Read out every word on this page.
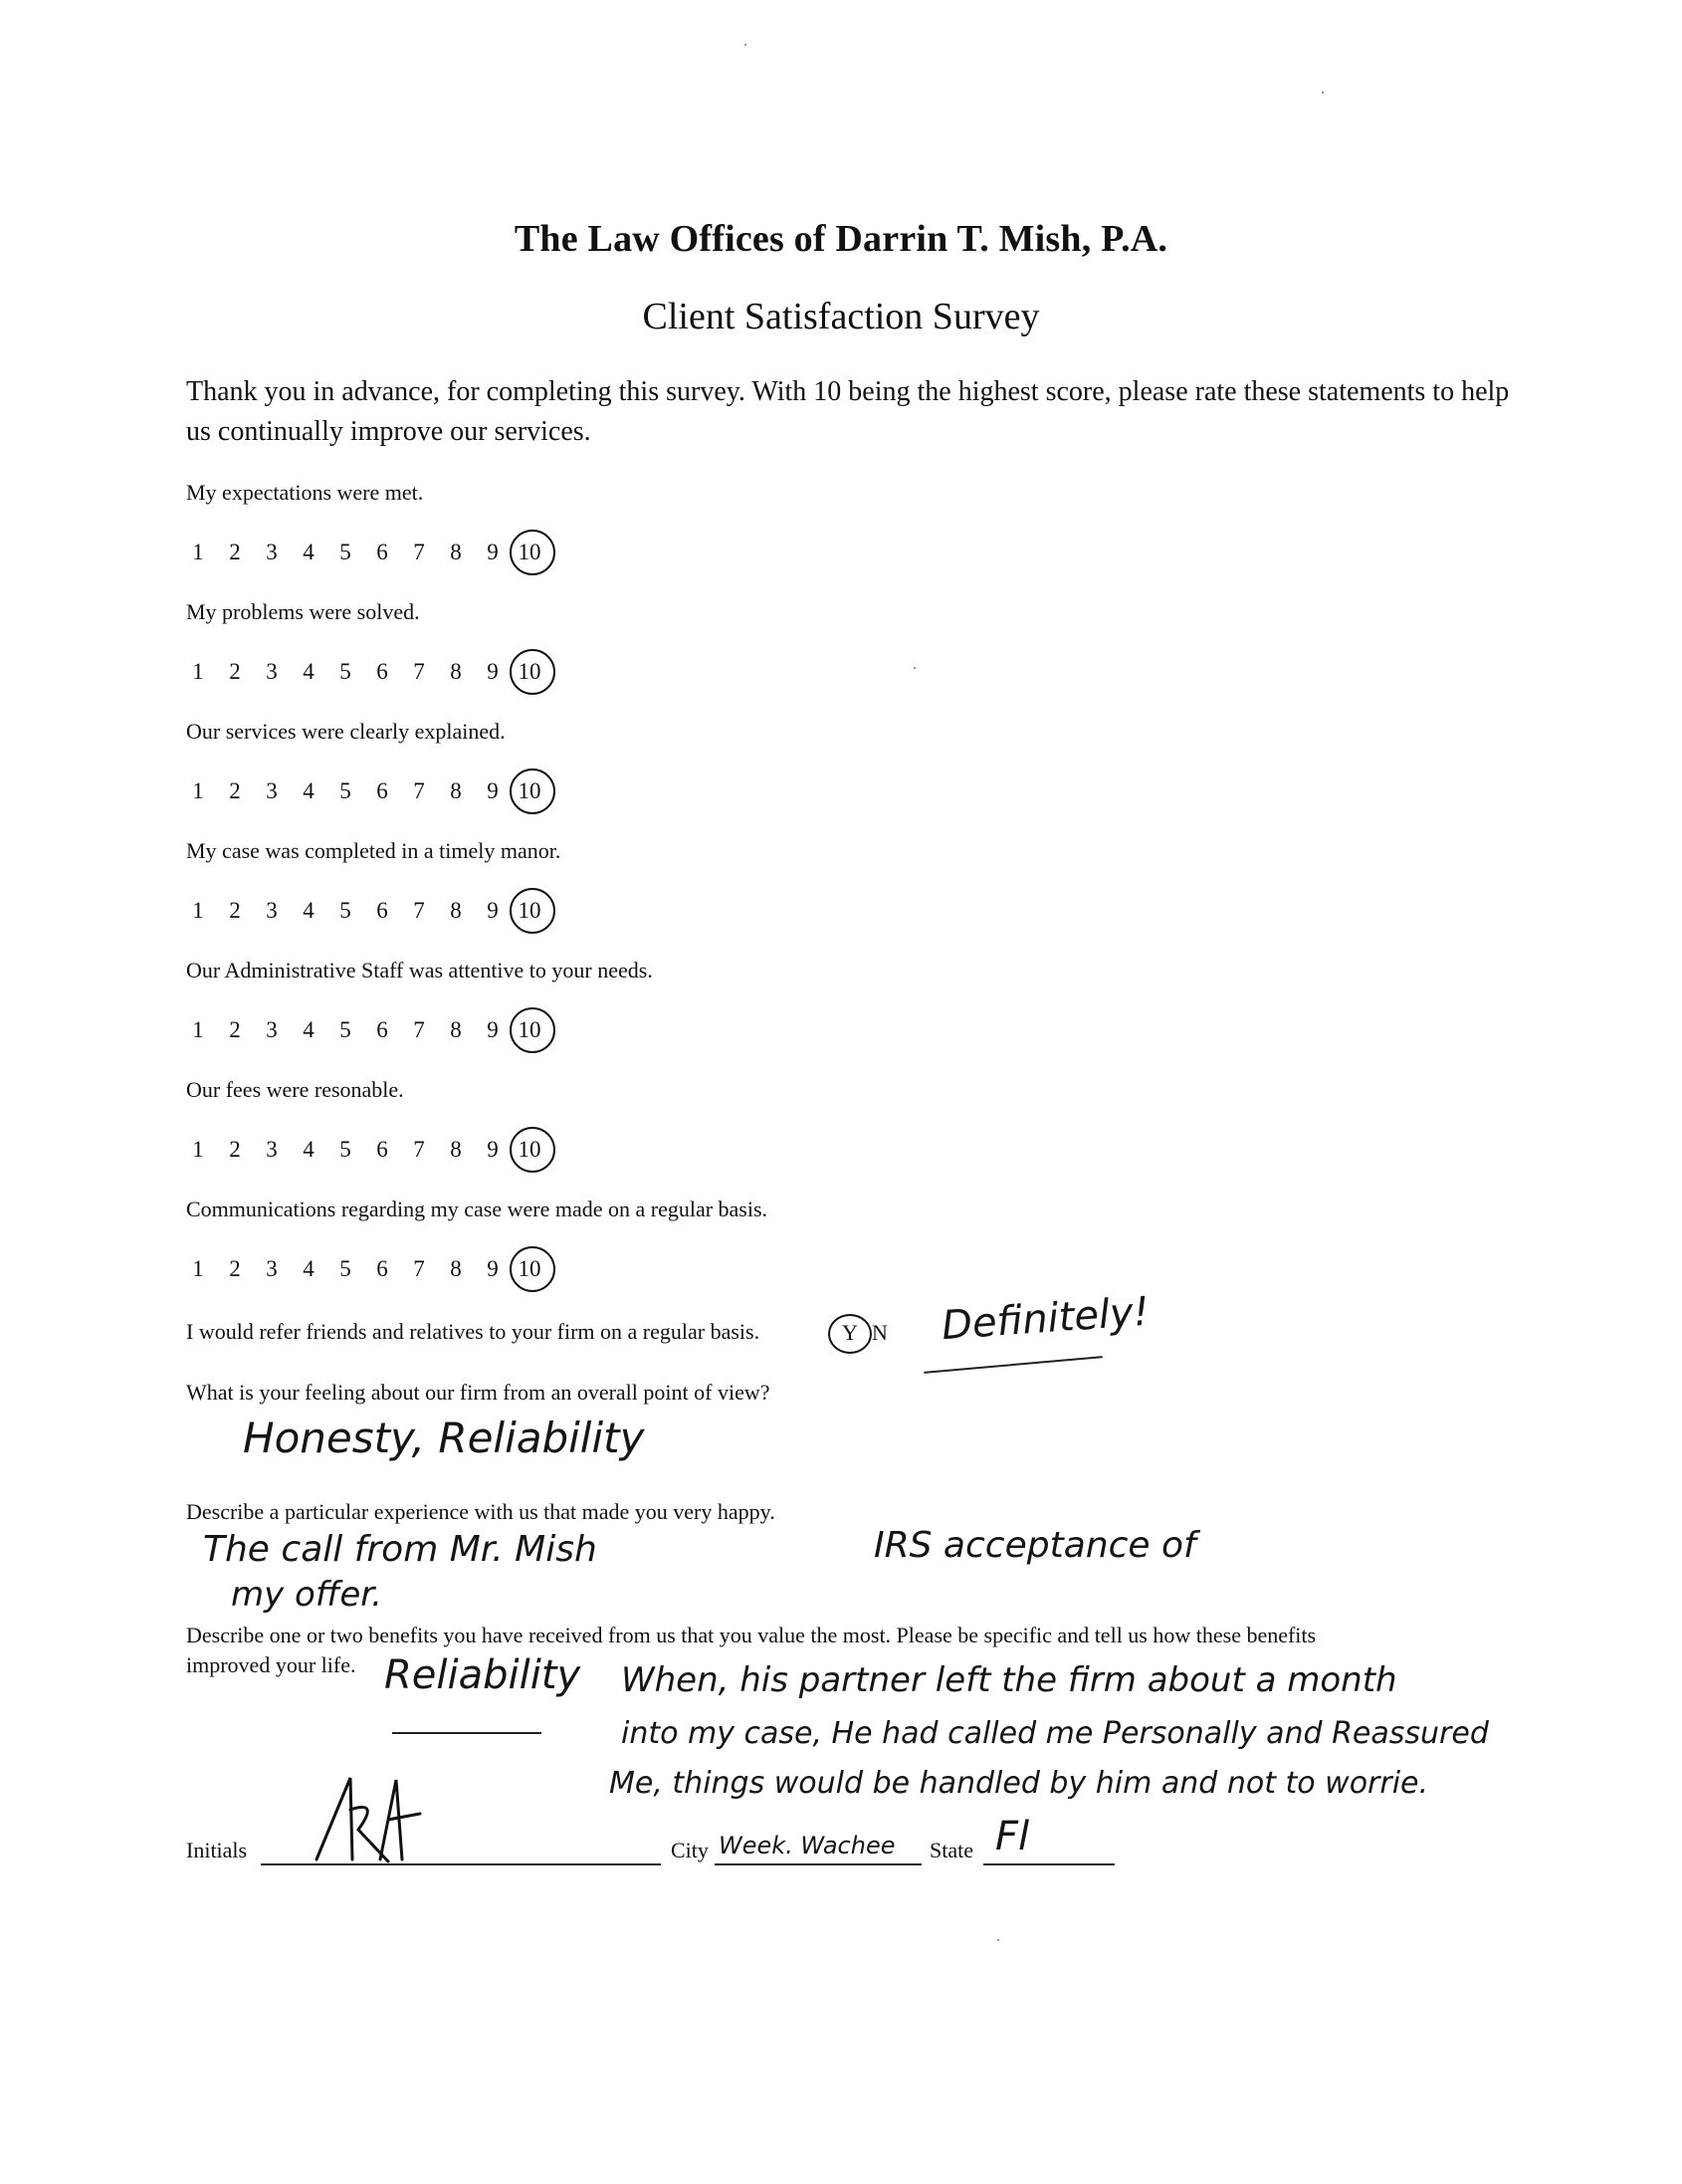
The Law Offices of Darrin T. Mish, P.A.
Client Satisfaction Survey
Thank you in advance, for completing this survey. With 10 being the highest score, please rate these statements to help us continually improve our services.
My expectations were met.
1 2 3 4 5 6 7 8 9 10
My problems were solved.
1 2 3 4 5 6 7 8 9 10
Our services were clearly explained.
1 2 3 4 5 6 7 8 9 10
My case was completed in a timely manor.
1 2 3 4 5 6 7 8 9 10
Our Administrative Staff was attentive to your needs.
1 2 3 4 5 6 7 8 9 10
Our fees were resonable.
1 2 3 4 5 6 7 8 9 10
Communications regarding my case were made on a regular basis.
1 2 3 4 5 6 7 8 9 10
I would refer friends and relatives to your firm on a regular basis.	Y N Definitely!
What is your feeling about our firm from an overall point of view?
Honesty, Reliability
Describe a particular experience with us that made you very happy.
The call from Mr. Mish	IRS acceptance of
my offer.
Describe one or two benefits you have received from us that you value the most. Please be specific and tell us how these benefits
improved your life. Reliability When, his partner left the firm about a month
into my case, He had called me Personally and Reassured
Me, things would be handled by him and not to worrie.
Initials	City Week. Wachee State Fl
